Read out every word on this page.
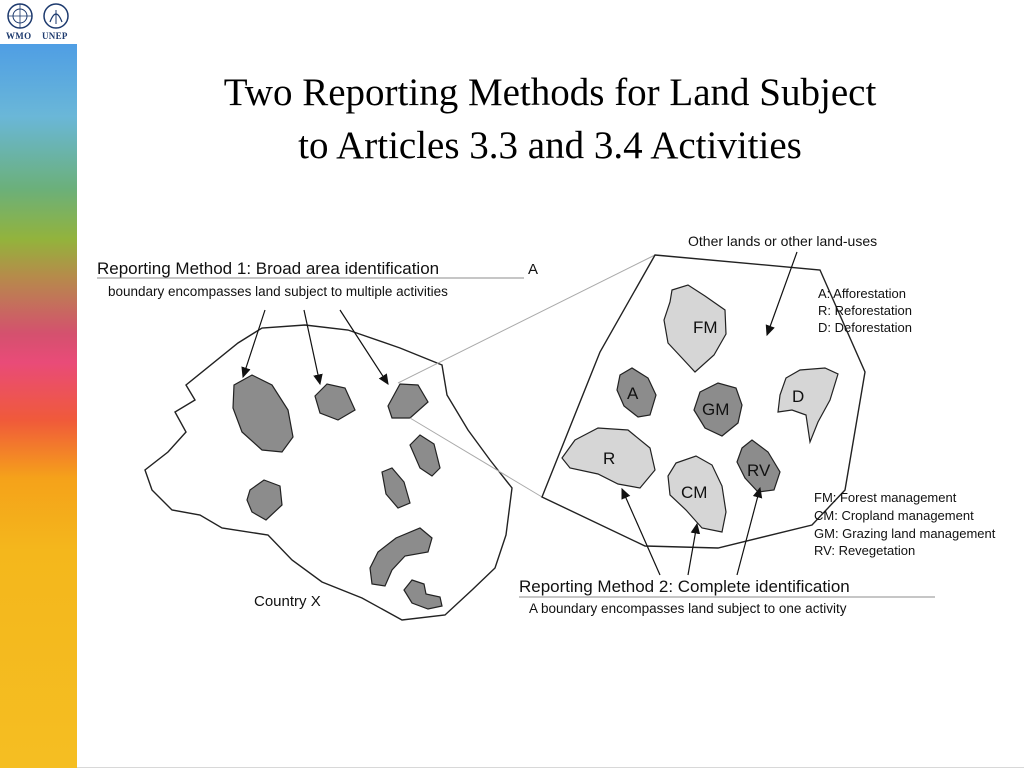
WMO UNEP
Two Reporting Methods for Land Subject
to Articles 3.3 and 3.4 Activities
Reporting Method 1: Broad area identification	A
boundary encompasses land subject to multiple activities
Country X
Other lands or other land-uses
FM
A
GM
D
R
CM
RV
A: Afforestation
R: Reforestation
D: Deforestation
FM: Forest management
CM: Cropland management
GM: Grazing land management
RV: Revegetation
Reporting Method 2: Complete identification
A boundary encompasses land subject to one activity
